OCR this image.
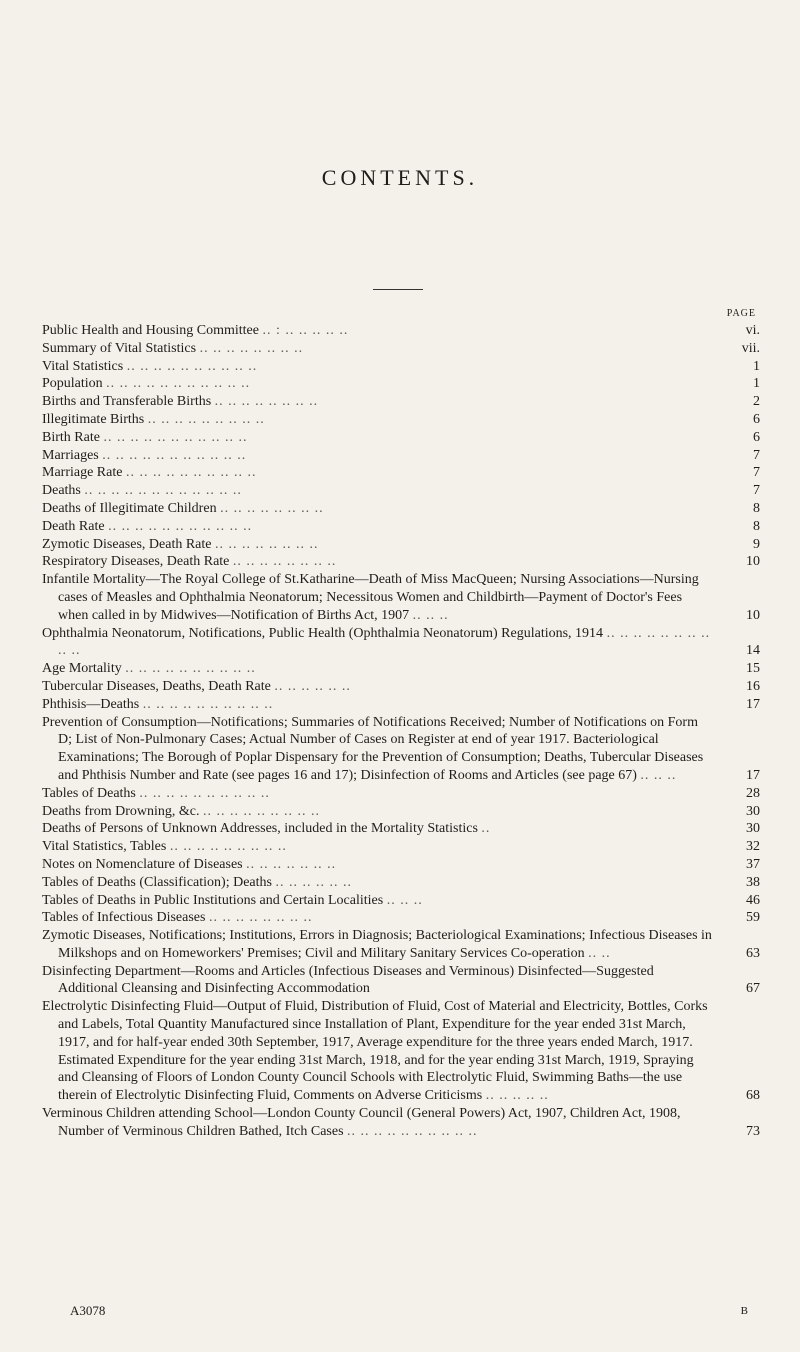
CONTENTS.
PAGE
Public Health and Housing Committee .. : .. .. .. .. ..	vi.
Summary of Vital Statistics .. .. .. .. .. .. .. ..	vii.
Vital Statistics .. .. .. .. .. .. .. .. .. ..	1
Population .. .. .. .. .. .. .. .. .. .. ..	1
Births and Transferable Births .. .. .. .. .. .. .. ..	2
Illegitimate Births .. .. .. .. .. .. .. .. ..	6
Birth Rate .. .. .. .. .. .. .. .. .. .. ..	6
Marriages .. .. .. .. .. .. .. .. .. .. ..	7
Marriage Rate .. .. .. .. .. .. .. .. .. ..	7
Deaths .. .. .. .. .. .. .. .. .. .. .. ..	7
Deaths of Illegitimate Children .. .. .. .. .. .. .. ..	8
Death Rate .. .. .. .. .. .. .. .. .. .. ..	8
Zymotic Diseases, Death Rate .. .. .. .. .. .. .. ..	9
Respiratory Diseases, Death Rate .. .. .. .. .. .. .. ..	10
Infantile Mortality—The Royal College of St.Katharine—Death of Miss MacQueen; Nursing Associations—Nursing cases of Measles and Ophthalmia Neonatorum; Necessitous Women and Childbirth—Payment of Doctor's Fees when called in by Midwives—Notification of Births Act, 1907 .. .. ..	10
Ophthalmia Neonatorum, Notifications, Public Health (Ophthalmia Neonatorum) Regulations, 1914 .. .. .. .. .. .. .. .. .. ..	14
Age Mortality .. .. .. .. .. .. .. .. .. ..	15
Tubercular Diseases, Deaths, Death Rate .. .. .. .. .. ..	16
Phthisis—Deaths .. .. .. .. .. .. .. .. .. ..	17
Prevention of Consumption—Notifications; Summaries of Notifications Received; Number of Notifications on Form D; List of Non-Pulmonary Cases; Actual Number of Cases on Register at end of year 1917. Bacteriological Examinations; The Borough of Poplar Dispensary for the Prevention of Consumption; Deaths, Tubercular Diseases and Phthisis Number and Rate (see pages 16 and 17); Disinfection of Rooms and Articles (see page 67) .. .. ..	17
Tables of Deaths .. .. .. .. .. .. .. .. .. ..	28
Deaths from Drowning, &c. .. .. .. .. .. .. .. .. ..	30
Deaths of Persons of Unknown Addresses, included in the Mortality Statistics ..	30
Vital Statistics, Tables .. .. .. .. .. .. .. .. ..	32
Notes on Nomenclature of Diseases .. .. .. .. .. .. ..	37
Tables of Deaths (Classification); Deaths .. .. .. .. .. ..	38
Tables of Deaths in Public Institutions and Certain Localities .. .. ..	46
Tables of Infectious Diseases .. .. .. .. .. .. .. ..	59
Zymotic Diseases, Notifications; Institutions, Errors in Diagnosis; Bacteriological Examinations; Infectious Diseases in Milkshops and on Homeworkers' Premises; Civil and Military Sanitary Services Co-operation .. ..	63
Disinfecting Department—Rooms and Articles (Infectious Diseases and Verminous) Disinfected—Suggested Additional Cleansing and Disinfecting Accommodation	67
Electrolytic Disinfecting Fluid—Output of Fluid, Distribution of Fluid, Cost of Material and Electricity, Bottles, Corks and Labels, Total Quantity Manufactured since Installation of Plant, Expenditure for the year ended 31st March, 1917, and for half-year ended 30th September, 1917, Average expenditure for the three years ended March, 1917. Estimated Expenditure for the year ending 31st March, 1918, and for the year ending 31st March, 1919, Spraying and Cleansing of Floors of London County Council Schools with Electrolytic Fluid, Swimming Baths—the use therein of Electrolytic Disinfecting Fluid, Comments on Adverse Criticisms .. .. .. .. ..	68
Verminous Children attending School—London County Council (General Powers) Act, 1907, Children Act, 1908, Number of Verminous Children Bathed, Itch Cases .. .. .. .. .. .. .. .. .. ..	73
A3078	B
